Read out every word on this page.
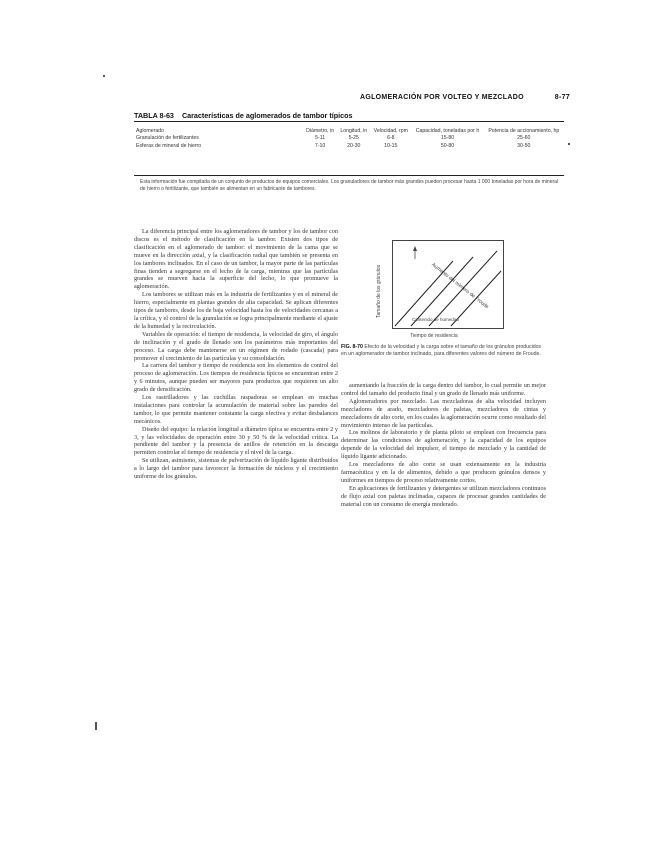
AGLOMERACIÓN POR VOLTEO Y MEZCLADO	8-77
TABLA 8-63 Características de aglomerados de tambor típicos
Aglomerado	Diámetro, in	Longitud, in	Velocidad, rpm	Capacidad, toneladas por h	Potencia de accionamiento, hp
Granulación de fertilizantes	5-11	5-25	6-8	15-80	25-60
Esferas de mineral de hierro	7-10	20-30	10-15	50-80	30-50
Esta información fue compilada de un conjunto de productos de equipos comerciales. Los granuladores de tambor más grandes pueden procesar hasta 1 000 toneladas por hora de mineral de hierro o fertilizante, que también se alimentan en un fabricante de tambores.

La diferencia principal entre los aglomeradores de tambor y los de tambor con discos es el método de clasificación en la tambor. Existen dos tipos de clasificación en el aglomerado de tambor: el movimiento de la cama que se mueve en la dirección axial, y la clasificación radial que también se presenta en los tambores inclinados. En el caso de un tambor, la mayor parte de las partículas finas tienden a segregarse en el lecho de la carga, mientras que las partículas grandes se mueven hacia la superficie del lecho, lo que promueve la aglomeración.

Los tambores se utilizan más en la industria de fertilizantes y en el mineral de hierro, especialmente en plantas grandes de alta capacidad. Se aplican diferentes tipos de tambores, desde los de baja velocidad hasta los de velocidades cercanas a la crítica, y el control de la granulación se logra principalmente mediante el ajuste de la humedad y la recirculación.

Variables de operación: el tiempo de residencia, la velocidad de giro, el ángulo de inclinación y el grado de llenado son los parámetros más importantes del proceso. La carga debe mantenerse en un régimen de rodado (cascada) para promover el crecimiento de las partículas y su consolidación.

La carrera del tambor y tiempo de residencia son los elementos de control del proceso de aglomeración. Los tiempos de residencia típicos se encuentran entre 2 y 6 minutos, aunque pueden ser mayores para productos que requieren un alto grado de densificación.

Los rastrilladores y las cuchillas raspadoras se emplean en muchas instalaciones para controlar la acumulación de material sobre las paredes del tambor, lo que permite mantener constante la carga efectiva y evitar desbalances mecánicos.

Diseño del equipo: la relación longitud a diámetro típica se encuentra entre 2 y 3, y las velocidades de operación entre 30 y 50 % de la velocidad crítica. La pendiente del tambor y la presencia de anillos de retención en la descarga permiten controlar el tiempo de residencia y el nivel de la carga.

Se utilizan, asimismo, sistemas de pulverización de líquido ligante distribuidos a lo largo del tambor para favorecer la formación de núcleos y el crecimiento uniforme de los gránulos.

Tamaño de los gránulos
Tiempo de residencia
Aumento del número de Froude
Contenido de humedad
FIG. 8-70 Efecto de la velocidad y la carga sobre el tamaño de los gránulos producidos en un aglomerador de tambor inclinado, para diferentes valores del número de Froude.

aumentando la fracción de la carga dentro del tambor, lo cual permite un mejor control del tamaño del producto final y un grado de llenado más uniforme.

Aglomeradores por mezclado. Las mezcladoras de alta velocidad incluyen mezcladores de arado, mezcladores de paletas, mezcladores de cintas y mezcladores de alto corte, en los cuales la aglomeración ocurre como resultado del movimiento intenso de las partículas.

Los molinos de laboratorio y de planta piloto se emplean con frecuencia para determinar las condiciones de aglomeración, y la capacidad de los equipos depende de la velocidad del impulsor, el tiempo de mezclado y la cantidad de líquido ligante adicionado.

Los mezcladores de alto corte se usan extensamente en la industria farmacéutica y en la de alimentos, debido a que producen gránulos densos y uniformes en tiempos de proceso relativamente cortos.

En aplicaciones de fertilizantes y detergentes se utilizan mezcladores continuos de flujo axial con paletas inclinadas, capaces de procesar grandes cantidades de material con un consumo de energía moderado.
